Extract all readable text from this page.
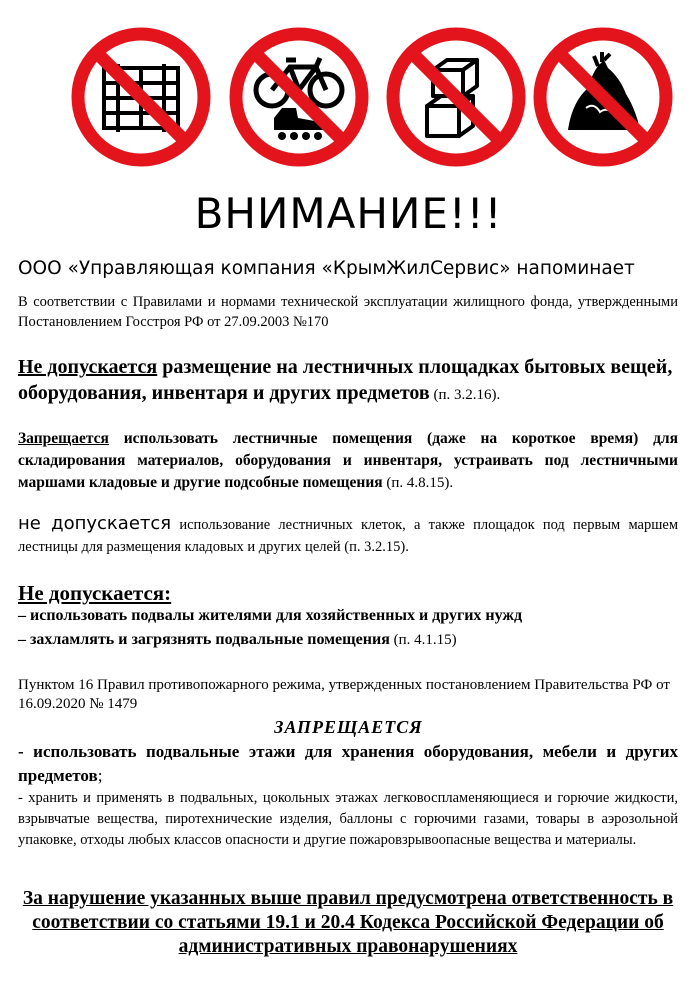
ВНИМАНИЕ!!!
ООО «Управляющая компания «КрымЖилСервис» напоминает
В соответствии с Правилами и нормами технической эксплуатации жилищного фонда, утвержденными Постановлением Госстроя РФ от 27.09.2003 №170
Не допускается размещение на лестничных площадках бытовых вещей, оборудования, инвентаря и других предметов (п. 3.2.16).
Запрещается использовать лестничные помещения (даже на короткое время) для складирования материалов, оборудования и инвентаря, устраивать под лестничными маршами кладовые и другие подсобные помещения (п. 4.8.15).
не допускается использование лестничных клеток, а также площадок под первым маршем лестницы для размещения кладовых и других целей (п. 3.2.15).
Не допускается:
– использовать подвалы жителями для хозяйственных и других нужд
– захламлять и загрязнять подвальные помещения (п. 4.1.15)
Пунктом 16 Правил противопожарного режима, утвержденных постановлением Правительства РФ от 16.09.2020 № 1479
ЗАПРЕЩАЕТСЯ
- использовать подвальные этажи для хранения оборудования, мебели и других предметов;
- хранить и применять в подвальных, цокольных этажах легковоспламеняющиеся и горючие жидкости, взрывчатые вещества, пиротехнические изделия, баллоны с горючими газами, товары в аэрозольной упаковке, отходы любых классов опасности и другие пожаровзрывоопасные вещества и материалы.
За нарушение указанных выше правил предусмотрена ответственность в соответствии со статьями 19.1 и 20.4 Кодекса Российской Федерации об административных правонарушениях
